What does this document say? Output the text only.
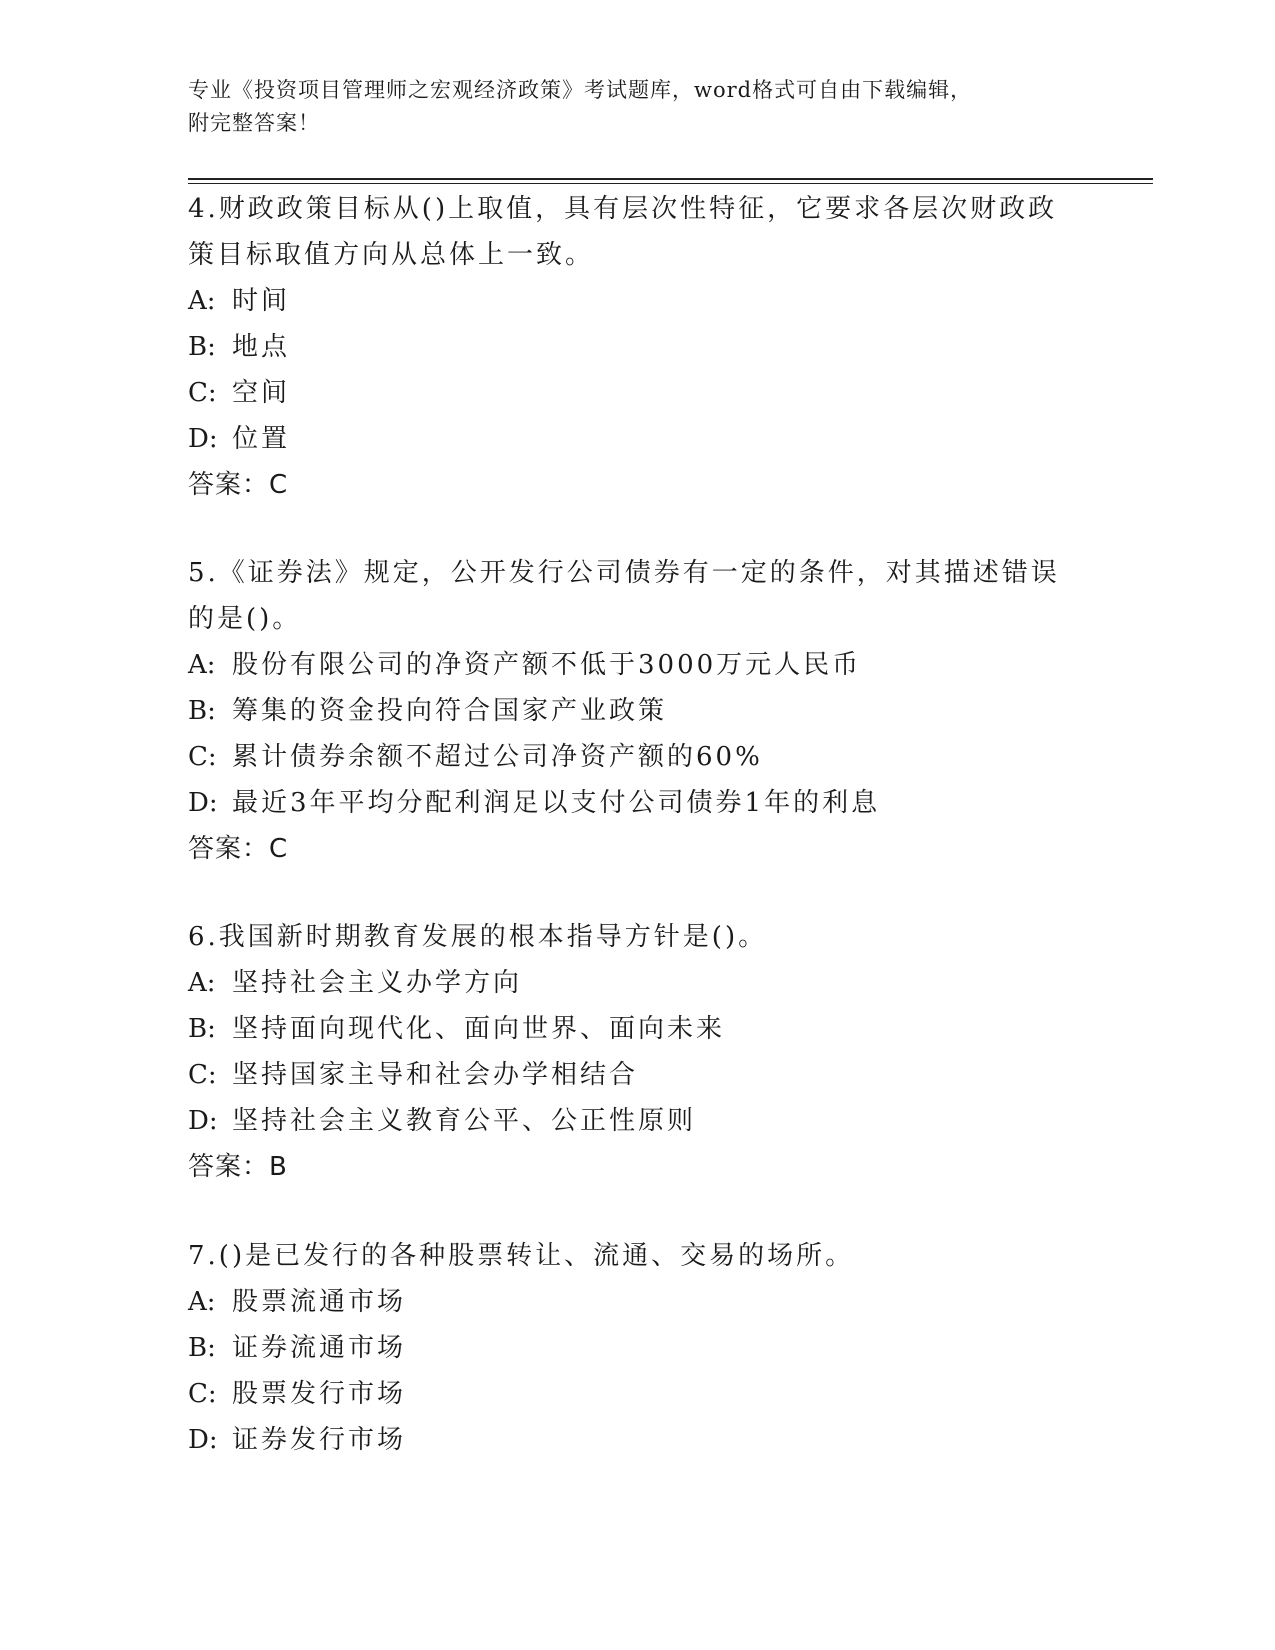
专业《投资项目管理师之宏观经济政策》考试题库，word格式可自由下载编辑，
附完整答案！

4.财政政策目标从()上取值，具有层次性特征，它要求各层次财政政

策目标取值方向从总体上一致。

A: 时间

B: 地点

C: 空间

D: 位置

答案：C

5.《证券法》规定，公开发行公司债券有一定的条件，对其描述错误

的是()。

A: 股份有限公司的净资产额不低于3000万元人民币

B: 筹集的资金投向符合国家产业政策

C: 累计债券余额不超过公司净资产额的60%

D: 最近3年平均分配利润足以支付公司债券1年的利息

答案：C

6.我国新时期教育发展的根本指导方针是()。

A: 坚持社会主义办学方向

B: 坚持面向现代化、面向世界、面向未来

C: 坚持国家主导和社会办学相结合

D: 坚持社会主义教育公平、公正性原则

答案：B

7.()是已发行的各种股票转让、流通、交易的场所。

A: 股票流通市场

B: 证券流通市场

C: 股票发行市场

D: 证券发行市场
